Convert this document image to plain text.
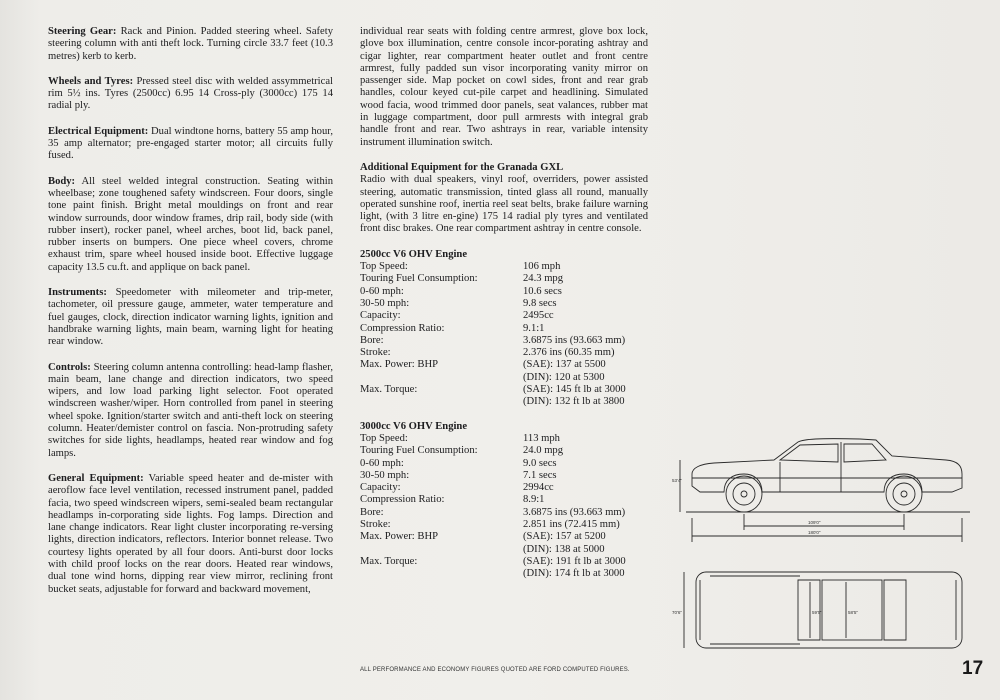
Steering Gear: Rack and Pinion. Padded steering wheel. Safety steering column with anti theft lock. Turning circle 33.7 feet (10.3 metres) kerb to kerb.
Wheels and Tyres: Pressed steel disc with welded assymmetrical rim 5½ ins. Tyres (2500cc) 6.95 14 Cross-ply (3000cc) 175 14 radial ply.
Electrical Equipment: Dual windtone horns, battery 55 amp hour, 35 amp alternator; pre-engaged starter motor; all circuits fully fused.
Body: All steel welded integral construction. Seating within wheelbase; zone toughened safety windscreen. Four doors, single tone paint finish. Bright metal mouldings on front and rear window surrounds, door window frames, drip rail, body side (with rubber insert), rocker panel, wheel arches, boot lid, back panel, rubber inserts on bumpers. One piece wheel covers, chrome exhaust trim, spare wheel housed inside boot. Effective luggage capacity 13.5 cu.ft. and applique on back panel.
Instruments: Speedometer with mileometer and trip-meter, tachometer, oil pressure gauge, ammeter, water temperature and fuel gauges, clock, direction indicator warning lights, ignition and handbrake warning lights, main beam, warning light for heating rear window.
Controls: Steering column antenna controlling: head-lamp flasher, main beam, lane change and direction indicators, two speed wipers, and low load parking light selector. Foot operated windscreen washer/wiper. Horn controlled from panel in steering wheel spoke. Ignition/starter switch and anti-theft lock on steering column. Heater/demister control on fascia. Non-protruding safety switches for side lights, headlamps, heated rear window and fog lamps.
General Equipment: Variable speed heater and de-mister with aeroflow face level ventilation, recessed instrument panel, padded facia, two speed windscreen wipers, semi-sealed beam rectangular headlamps in-corporating side lights. Fog lamps. Direction and lane change indicators. Rear light cluster incorporating re-versing lights, direction indicators, reflectors. Interior bonnet release. Two courtesy lights operated by all four doors. Anti-burst door locks with child proof locks on the rear doors. Heated rear windows, dual tone wind horns, dipping rear view mirror, reclining front bucket seats, adjustable for forward and backward movement,
individual rear seats with folding centre armrest, glove box lock, glove box illumination, centre console incor-porating ashtray and cigar lighter, rear compartment heater outlet and front centre armrest, fully padded sun visor incorporating vanity mirror on passenger side. Map pocket on cowl sides, front and rear grab handles, colour keyed cut-pile carpet and headlining. Simulated wood facia, wood trimmed door panels, seat valances, rubber mat in luggage compartment, door pull armrests with integral grab handle front and rear. Two ashtrays in rear, variable intensity instrument illumination switch.
Additional Equipment for the Granada GXL
Radio with dual speakers, vinyl roof, overriders, power assisted steering, automatic transmission, tinted glass all round, manually operated sunshine roof, inertia reel seat belts, brake failure warning light, (with 3 litre en-gine) 175 14 radial ply tyres and ventilated front disc brakes. One rear compartment ashtray in centre console.
2500cc V6 OHV Engine
Top Speed:	106 mph
Touring Fuel Consumption:	24.3 mpg
0-60 mph:	10.6 secs
30-50 mph:	9.8 secs
Capacity:	2495cc
Compression Ratio:	9.1:1
Bore:	3.6875 ins (93.663 mm)
Stroke:	2.376 ins (60.35 mm)
Max. Power: BHP	(SAE): 137 at 5500
(DIN): 120 at 5300
Max. Torque:	(SAE): 145 ft lb at 3000
(DIN): 132 ft lb at 3800
3000cc V6 OHV Engine
Top Speed:	113 mph
Touring Fuel Consumption:	24.0 mpg
0-60 mph:	9.0 secs
30-50 mph:	7.1 secs
Capacity:	2994cc
Compression Ratio:	8.9:1
Bore:	3.6875 ins (93.663 mm)
Stroke:	2.851 ins (72.415 mm)
Max. Power: BHP	(SAE): 157 at 5200
(DIN): 138 at 5000
Max. Torque:	(SAE): 191 ft lb at 3000
(DIN): 174 ft lb at 3000
ALL PERFORMANCE AND ECONOMY FIGURES QUOTED ARE FORD COMPUTED FIGURES.	17
53'4"
109'0"
180'0"
70'6"	59'5"	58'5"
